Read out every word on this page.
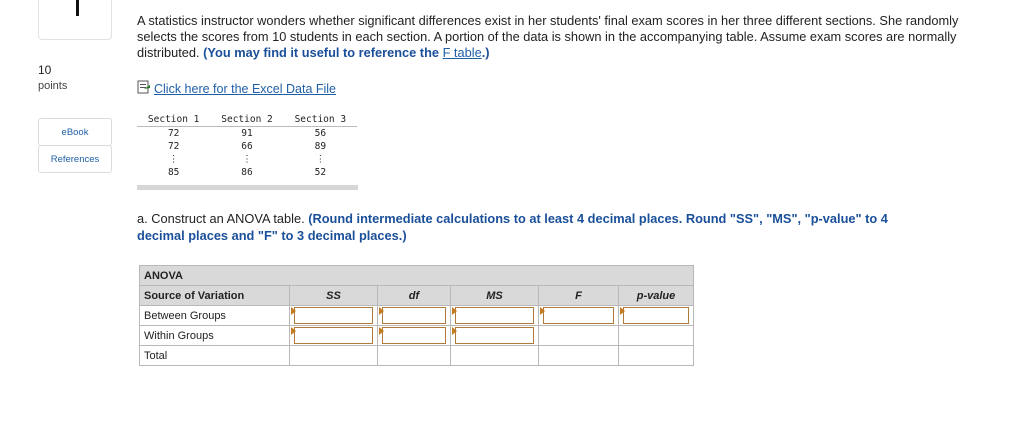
10
points
eBook
References

A statistics instructor wonders whether significant differences exist in her students' final exam scores in her three different sections. She randomly selects the scores from 10 students in each section. A portion of the data is shown in the accompanying table. Assume exam scores are normally distributed. (You may find it useful to reference the F table.)

Click here for the Excel Data File
Section 1	Section 2	Section 3
72	91	56
72	66	89
⋮	⋮	⋮
85	86	52
a. Construct an ANOVA table. (Round intermediate calculations to at least 4 decimal places. Round "SS", "MS", "p-value" to 4 decimal places and "F" to 3 decimal places.)
ANOVA					
Source of Variation	SS	df	MS	F	p-value
Between Groups	

Within Groups	

Total					
